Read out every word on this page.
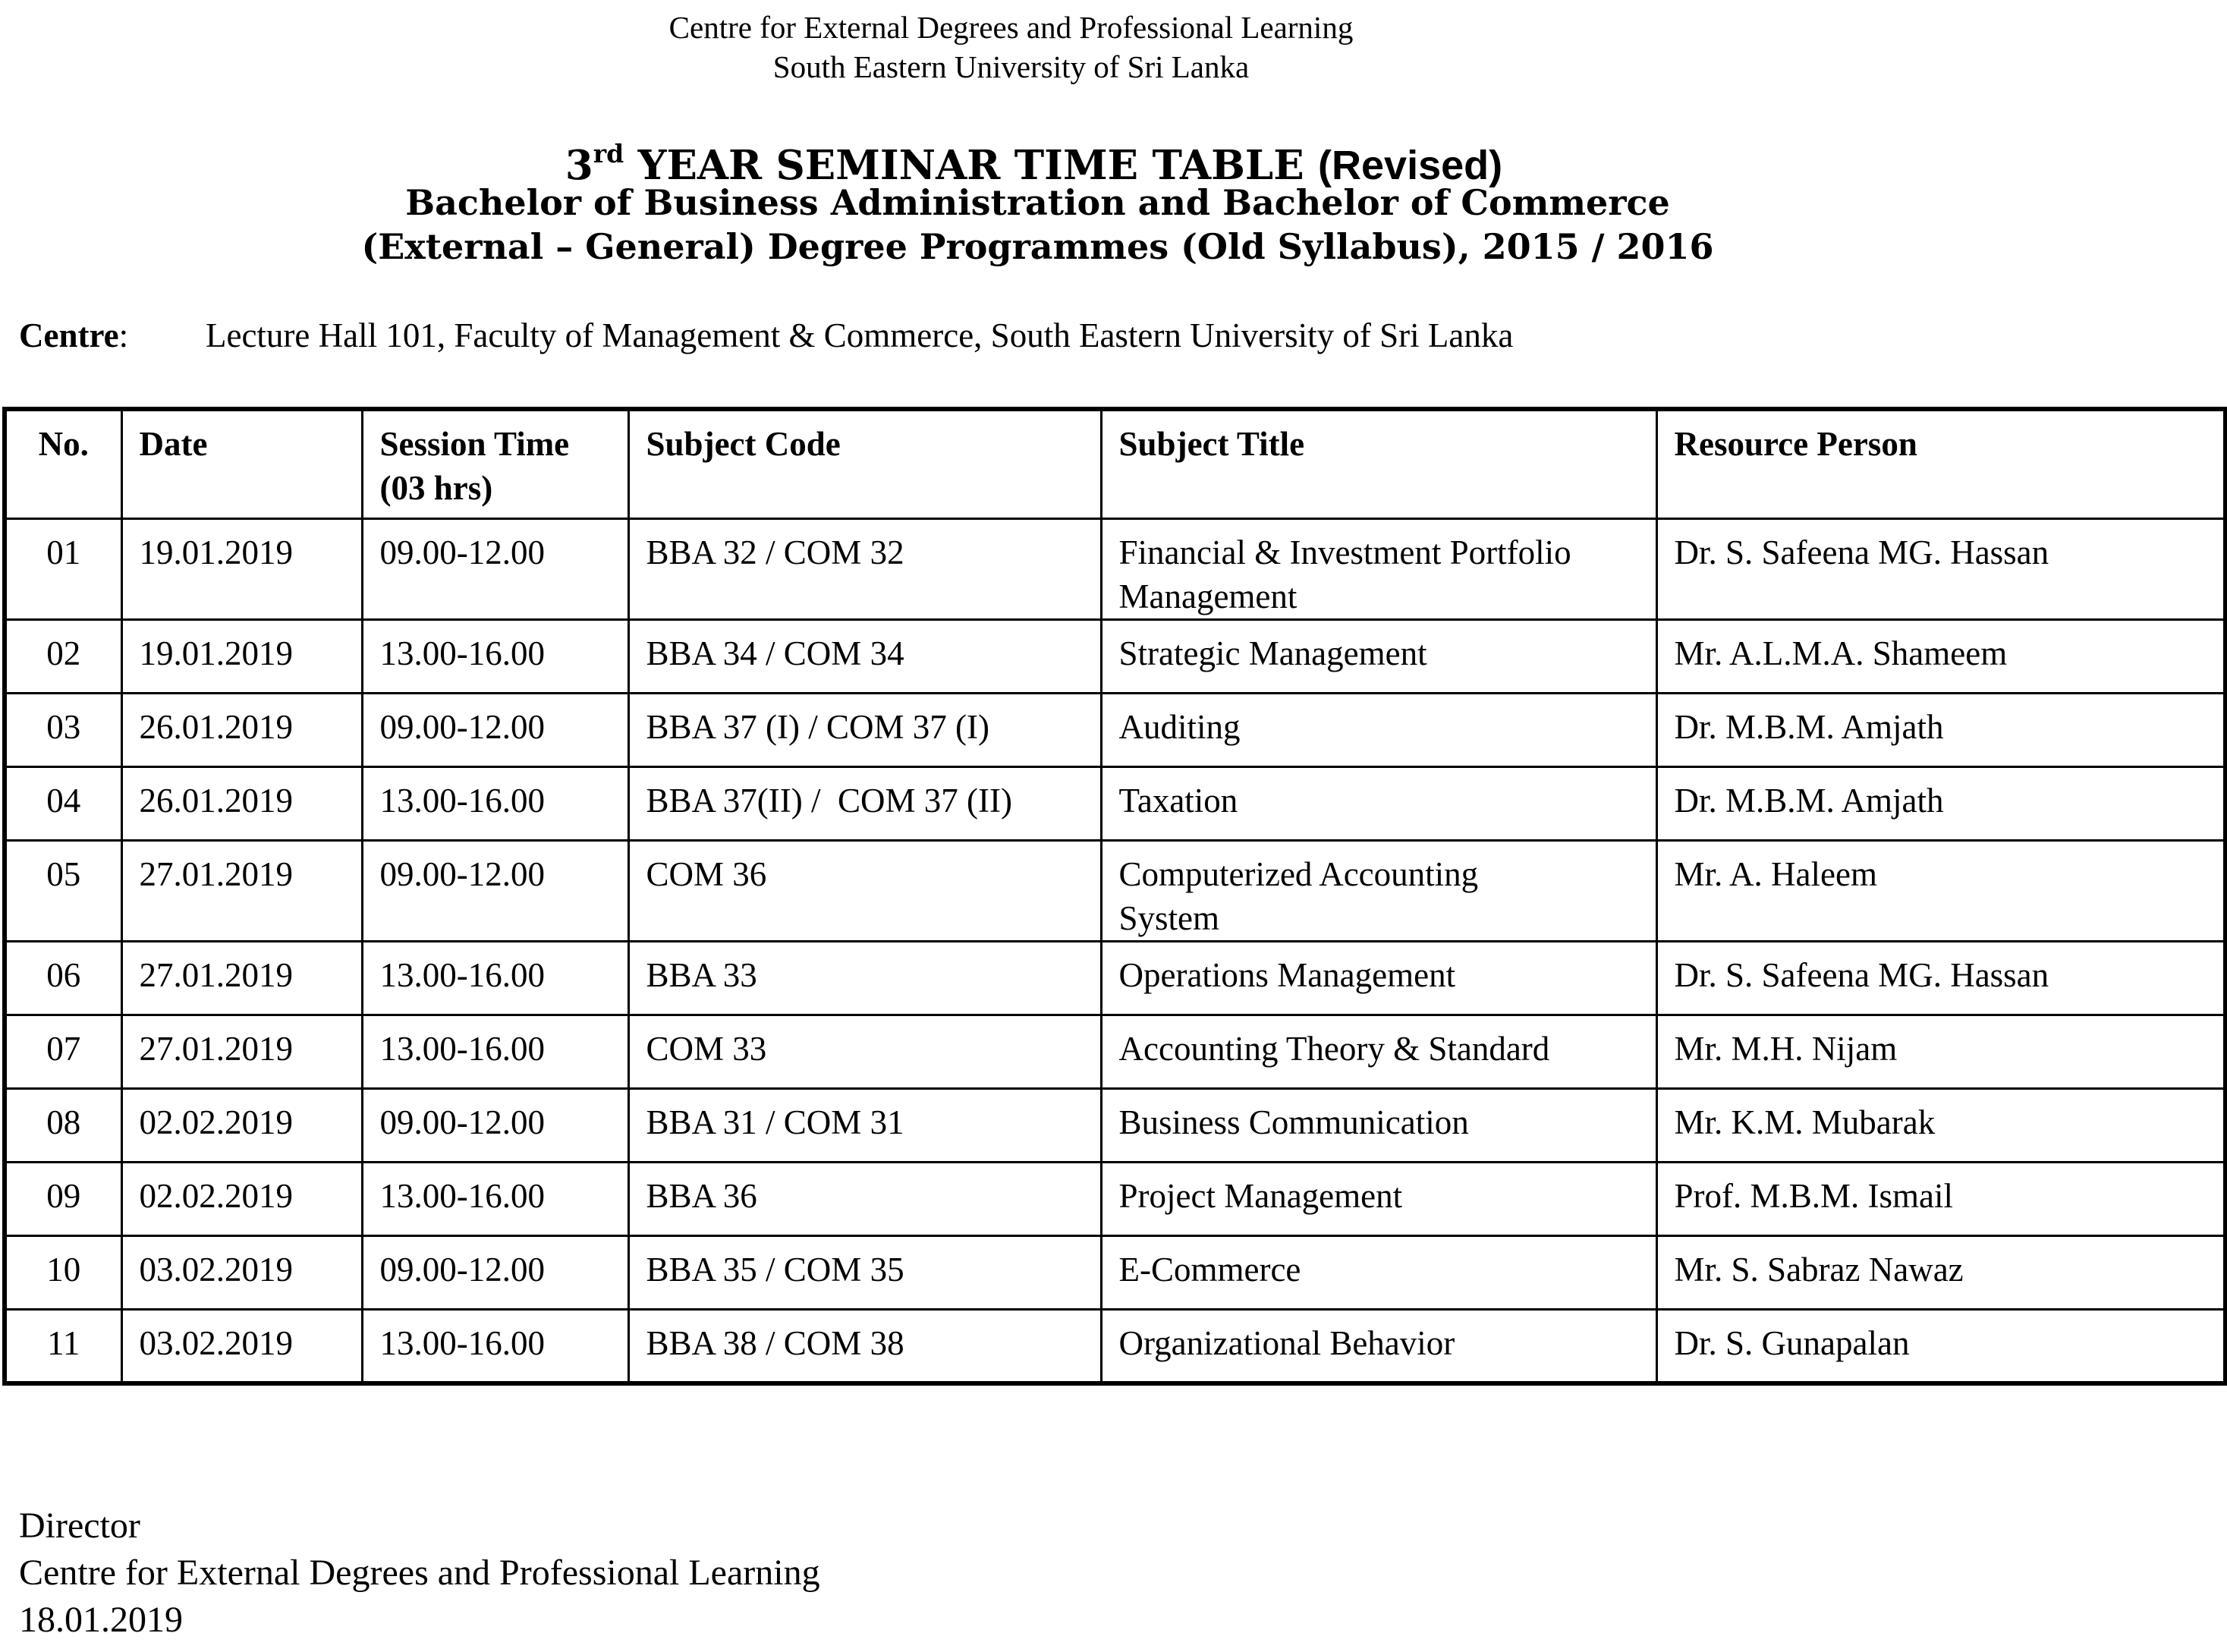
Centre for External Degrees and Professional Learning
South Eastern University of Sri Lanka
3rd YEAR SEMINAR TIME TABLE (Revised)
Bachelor of Business Administration and Bachelor of Commerce
(External – General) Degree Programmes (Old Syllabus), 2015 / 2016
Centre: Lecture Hall 101, Faculty of Management & Commerce, South Eastern University of Sri Lanka
No.	Date	Session Time
(03 hrs)	Subject Code	Subject Title	Resource Person
01	19.01.2019	09.00-12.00	BBA 32 / COM 32	Financial & Investment Portfolio
Management	Dr. S. Safeena MG. Hassan
02	19.01.2019	13.00-16.00	BBA 34 / COM 34	Strategic Management	Mr. A.L.M.A. Shameem
03	26.01.2019	09.00-12.00	BBA 37 (I) / COM 37 (I)	Auditing	Dr. M.B.M. Amjath
04	26.01.2019	13.00-16.00	BBA 37(II) /  COM 37 (II)	Taxation	Dr. M.B.M. Amjath
05	27.01.2019	09.00-12.00	COM 36	Computerized Accounting
System	Mr. A. Haleem
06	27.01.2019	13.00-16.00	BBA 33	Operations Management	Dr. S. Safeena MG. Hassan
07	27.01.2019	13.00-16.00	COM 33	Accounting Theory & Standard	Mr. M.H. Nijam
08	02.02.2019	09.00-12.00	BBA 31 / COM 31	Business Communication	Mr. K.M. Mubarak
09	02.02.2019	13.00-16.00	BBA 36	Project Management	Prof. M.B.M. Ismail
10	03.02.2019	09.00-12.00	BBA 35 / COM 35	E-Commerce	Mr. S. Sabraz Nawaz
11	03.02.2019	13.00-16.00	BBA 38 / COM 38	Organizational Behavior	Dr. S. Gunapalan
Director
Centre for External Degrees and Professional Learning
18.01.2019
